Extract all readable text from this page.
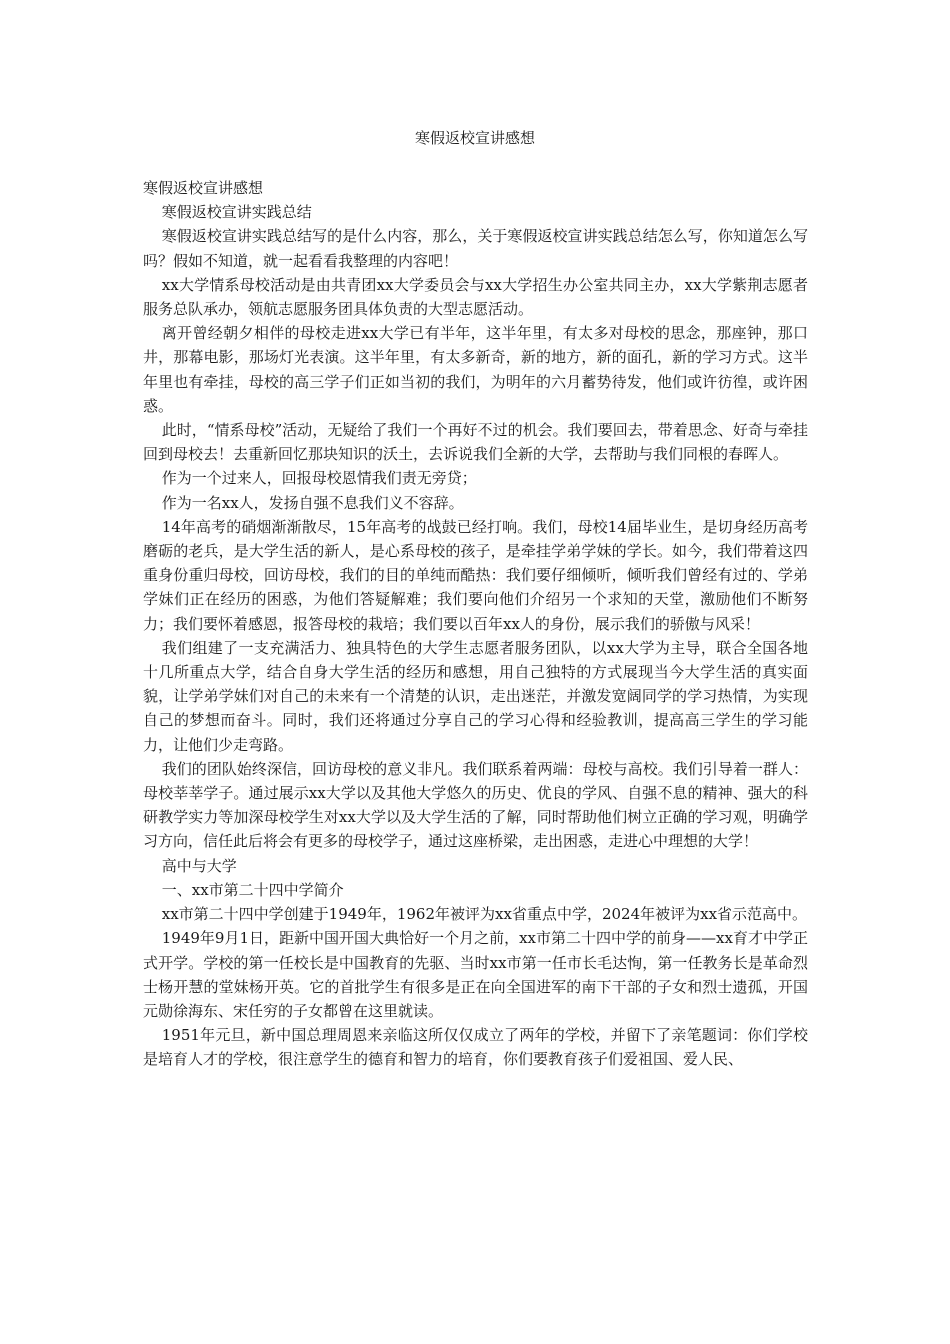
寒假返校宣讲感想

寒假返校宣讲感想

寒假返校宣讲实践总结

寒假返校宣讲实践总结写的是什么内容，那么，关于寒假返校宣讲实践总结怎么写，你知道怎么写吗？假如不知道，就一起看看我整理的内容吧！

xx大学情系母校活动是由共青团xx大学委员会与xx大学招生办公室共同主办，xx大学紫荆志愿者服务总队承办，领航志愿服务团具体负责的大型志愿活动。

离开曾经朝夕相伴的母校走进xx大学已有半年，这半年里，有太多对母校的思念，那座钟，那口井，那幕电影，那场灯光表演。这半年里，有太多新奇，新的地方，新的面孔，新的学习方式。这半年里也有牵挂，母校的高三学子们正如当初的我们，为明年的六月蓄势待发，他们或许彷徨，或许困惑。

此时，“情系母校”活动，无疑给了我们一个再好不过的机会。我们要回去，带着思念、好奇与牵挂回到母校去！去重新回忆那块知识的沃土，去诉说我们全新的大学，去帮助与我们同根的春晖人。

作为一个过来人，回报母校恩情我们责无旁贷；

作为一名xx人，发扬自强不息我们义不容辞。

14年高考的硝烟渐渐散尽，15年高考的战鼓已经打响。我们，母校14届毕业生，是切身经历高考磨砺的老兵，是大学生活的新人，是心系母校的孩子，是牵挂学弟学妹的学长。如今，我们带着这四重身份重归母校，回访母校，我们的目的单纯而酷热：我们要仔细倾听，倾听我们曾经有过的、学弟学妹们正在经历的困惑，为他们答疑解难；我们要向他们介绍另一个求知的天堂，激励他们不断努力；我们要怀着感恩，报答母校的栽培；我们要以百年xx人的身份，展示我们的骄傲与风采！

我们组建了一支充满活力、独具特色的大学生志愿者服务团队，以xx大学为主导，联合全国各地十几所重点大学，结合自身大学生活的经历和感想，用自己独特的方式展现当今大学生活的真实面貌，让学弟学妹们对自己的未来有一个清楚的认识，走出迷茫，并激发宽阔同学的学习热情，为实现自己的梦想而奋斗。同时，我们还将通过分享自己的学习心得和经验教训，提高高三学生的学习能力，让他们少走弯路。

我们的团队始终深信，回访母校的意义非凡。我们联系着两端：母校与高校。我们引导着一群人：母校莘莘学子。通过展示xx大学以及其他大学悠久的历史、优良的学风、自强不息的精神、强大的科研教学实力等加深母校学生对xx大学以及大学生活的了解，同时帮助他们树立正确的学习观，明确学习方向，信任此后将会有更多的母校学子，通过这座桥梁，走出困惑，走进心中理想的大学！

高中与大学

一、xx市第二十四中学简介

xx市第二十四中学创建于1949年，1962年被评为xx省重点中学，2024年被评为xx省示范高中。

1949年9月1日，距新中国开国大典恰好一个月之前，xx市第二十四中学的前身——xx育才中学正式开学。学校的第一任校长是中国教育的先驱、当时xx市第一任市长毛达恂，第一任教务长是革命烈士杨开慧的堂妹杨开英。它的首批学生有很多是正在向全国进军的南下干部的子女和烈士遗孤，开国元勋徐海东、宋任穷的子女都曾在这里就读。

1951年元旦，新中国总理周恩来亲临这所仅仅成立了两年的学校，并留下了亲笔题词：你们学校是培育人才的学校，很注意学生的德育和智力的培育，你们要教育孩子们爱祖国、爱人民、
